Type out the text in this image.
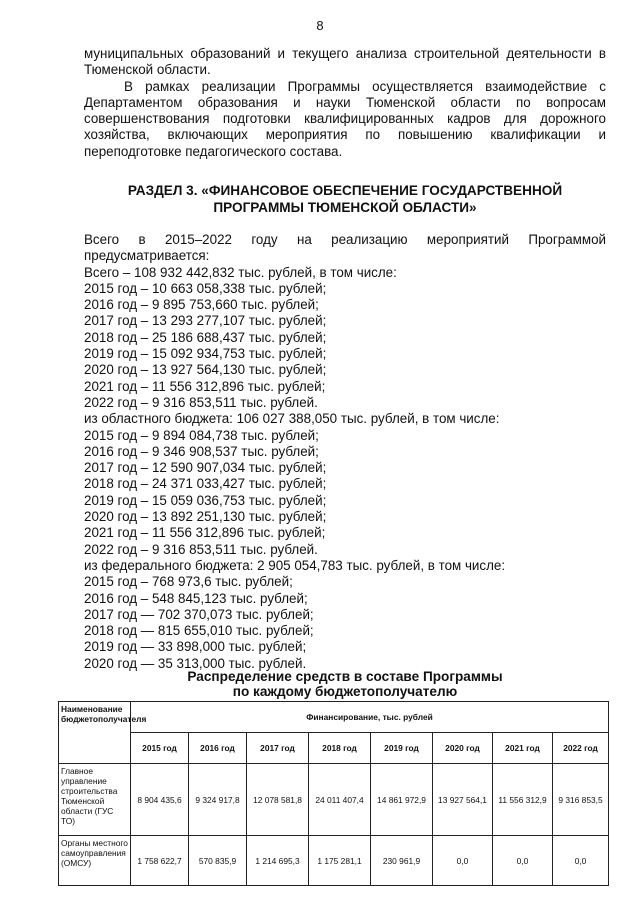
8

муниципальных образований и текущего анализа строительной деятельности в

Тюменской области.

В рамках реализации Программы осуществляется взаимодействие с Департаментом образования и науки Тюменской области по вопросам совершенствования подготовки квалифицированных кадров для дорожного хозяйства, включающих мероприятия по повышению квалификации и переподготовке педагогического состава.

РАЗДЕЛ 3. «ФИНАНСОВОЕ ОБЕСПЕЧЕНИЕ ГОСУДАРСТВЕННОЙ
ПРОГРАММЫ ТЮМЕНСКОЙ ОБЛАСТИ»
Всего в 2015–2022 году на реализацию мероприятий Программой
предусматривается:
Всего – 108 932 442,832 тыс. рублей, в том числе:
2015 год – 10 663 058,338 тыс. рублей;
2016 год – 9 895 753,660 тыс. рублей;
2017 год – 13 293 277,107 тыс. рублей;
2018 год – 25 186 688,437 тыс. рублей;
2019 год – 15 092 934,753 тыс. рублей;
2020 год – 13 927 564,130 тыс. рублей;
2021 год – 11 556 312,896 тыс. рублей;
2022 год – 9 316 853,511 тыс. рублей.
из областного бюджета: 106 027 388,050 тыс. рублей, в том числе:
2015 год – 9 894 084,738 тыс. рублей;
2016 год – 9 346 908,537 тыс. рублей;
2017 год – 12 590 907,034 тыс. рублей;
2018 год – 24 371 033,427 тыс. рублей;
2019 год – 15 059 036,753 тыс. рублей;
2020 год – 13 892 251,130 тыс. рублей;
2021 год – 11 556 312,896 тыс. рублей;
2022 год – 9 316 853,511 тыс. рублей.
из федерального бюджета: 2 905 054,783 тыс. рублей, в том числе:
2015 год – 768 973,6 тыс. рублей;
2016 год – 548 845,123 тыс. рублей;
2017 год — 702 370,073 тыс. рублей;
2018 год — 815 655,010 тыс. рублей;
2019 год — 33 898,000 тыс. рублей;
2020 год — 35 313,000 тыс. рублей.
Распределение средств в составе Программы
по каждому бюджетополучателю
Наименование бюджетополучателя	Финансирование, тыс. рублей							
	2015 год	2016 год	2017 год	2018 год	2019 год	2020 год	2021 год	2022 год
Главное управление строительства Тюменской области (ГУС ТО)	8 904 435,6	9 324 917,8	12 078 581,8	24 011 407,4	14 861 972,9	13 927 564,1	11 556 312,9	9 316 853,5
Органы местного самоуправления (ОМСУ)	1 758 622,7	570 835,9	1 214 695,3	1 175 281,1	230 961,9	0,0	0,0	0,0
